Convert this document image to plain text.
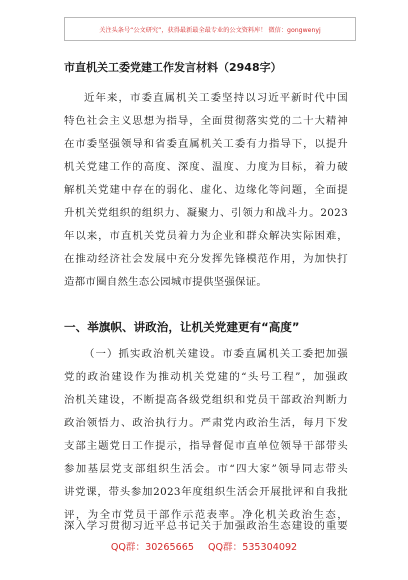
关注头条号“公文研究”，获得最新最全最专业的公文资料库！ 微信：gongwenyj
市直机关工委党建工作发言材料（2948字）
近年来，市委直属机关工委坚持以习近平新时代中国
特色社会主义思想为指导，全面贯彻落实党的二十大精神
在市委坚强领导和省委直属机关工委有力指导下，以提升
机关党建工作的高度、深度、温度、力度为目标，着力破
解机关党建中存在的弱化、虚化、边缘化等问题，全面提
升机关党组织的组织力、凝聚力、引领力和战斗力。2023
年以来，市直机关党员着力为企业和群众解决实际困难，
在推动经济社会发展中充分发挥先锋模范作用，为加快打
造都市圈自然生态公园城市提供坚强保证。
一、举旗帜、讲政治，让机关党建更有“高度”
（一）抓实政治机关建设。市委直属机关工委把加强
党的政治建设作为推动机关党建的“头号工程”，加强政
治机关建设，不断提高各级党组织和党员干部政治判断力
政治领悟力、政治执行力。严肃党内政治生活，每月下发
支部主题党日工作提示，指导督促市直单位领导干部带头
参加基层党支部组织生活会。市“四大家”领导同志带头
讲党课，带头参加2023年度组织生活会开展批评和自我批
评，为全市党员干部作示范表率。净化机关政治生态，
深入学习贯彻习近平总书记关于加强政治生态建设的重要
QQ群：30265665 QQ群：535304092
